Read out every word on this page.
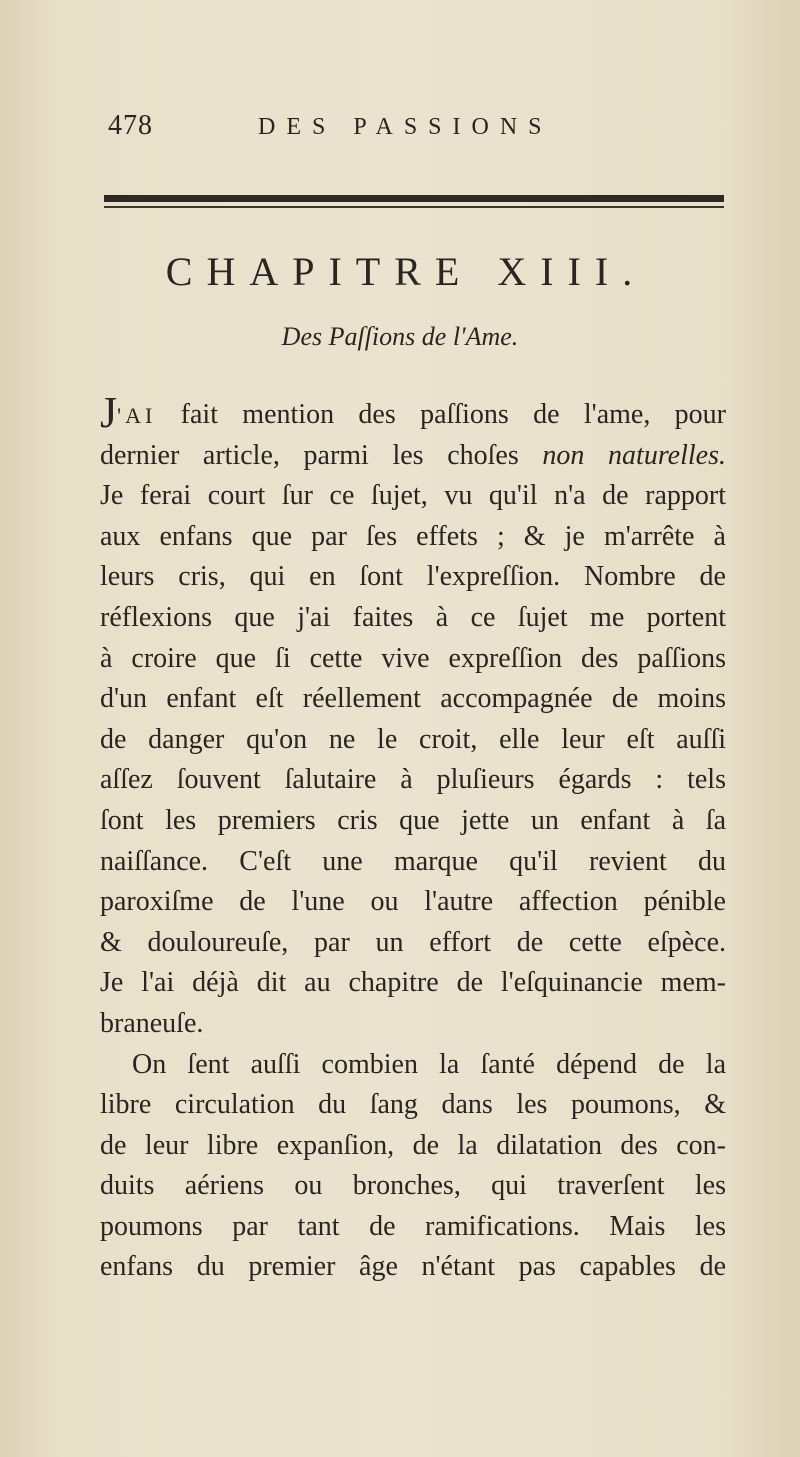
478	DES PASSIONS
CHAPITRE XIII.
Des Paſſions de l'Ame.
J'AI fait mention des paſſions de l'ame, pour
dernier article, parmi les choſes non naturelles.
Je ferai court ſur ce ſujet, vu qu'il n'a de rapport
aux enfans que par ſes effets ; & je m'arrête à
leurs cris, qui en ſont l'expreſſion. Nombre de
réflexions que j'ai faites à ce ſujet me portent
à croire que ſi cette vive expreſſion des paſſions
d'un enfant eſt réellement accompagnée de moins
de danger qu'on ne le croit, elle leur eſt auſſi
aſſez ſouvent ſalutaire à pluſieurs égards : tels
ſont les premiers cris que jette un enfant à ſa
naiſſance. C'eſt une marque qu'il revient du
paroxiſme de l'une ou l'autre affection pénible
& douloureuſe, par un effort de cette eſpèce.
Je l'ai déjà dit au chapitre de l'eſquinancie mem-
braneuſe.
On ſent auſſi combien la ſanté dépend de la
libre circulation du ſang dans les poumons, &
de leur libre expanſion, de la dilatation des con-
duits aériens ou bronches, qui traverſent les
poumons par tant de ramifications. Mais les
enfans du premier âge n'étant pas capables de
